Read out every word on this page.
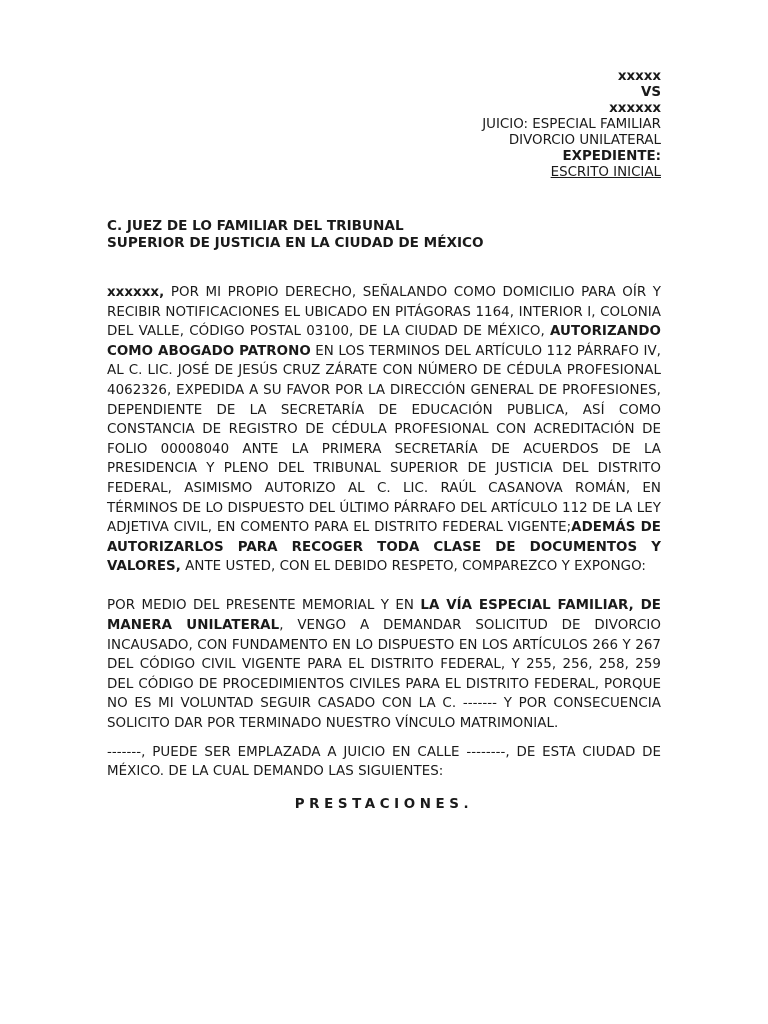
xxxxx
VS
xxxxxx
JUICIO: ESPECIAL FAMILIAR
DIVORCIO UNILATERAL
EXPEDIENTE:
ESCRITO INICIAL
C. JUEZ DE LO FAMILIAR DEL TRIBUNAL
SUPERIOR DE JUSTICIA EN LA CIUDAD DE MÉXICO

xxxxxx, POR MI PROPIO DERECHO, SEÑALANDO COMO DOMICILIO PARA OÍR Y RECIBIR NOTIFICACIONES EL UBICADO EN PITÁGORAS 1164, INTERIOR I, COLONIA DEL VALLE, CÓDIGO POSTAL 03100, DE LA CIUDAD DE MÉXICO, AUTORIZANDO COMO ABOGADO PATRONO EN LOS TERMINOS DEL ARTÍCULO 112 PÁRRAFO IV, AL C. LIC. JOSÉ DE JESÚS CRUZ ZÁRATE CON NÚMERO DE CÉDULA PROFESIONAL 4062326, EXPEDIDA A SU FAVOR POR LA DIRECCIÓN GENERAL DE PROFESIONES, DEPENDIENTE DE LA SECRETARÍA DE EDUCACIÓN PUBLICA, ASÍ COMO CONSTANCIA DE REGISTRO DE CÉDULA PROFESIONAL CON ACREDITACIÓN DE FOLIO 00008040 ANTE LA PRIMERA SECRETARÍA DE ACUERDOS DE LA PRESIDENCIA Y PLENO DEL TRIBUNAL SUPERIOR DE JUSTICIA DEL DISTRITO FEDERAL, ASIMISMO AUTORIZO AL C. LIC. RAÚL CASANOVA ROMÁN, EN TÉRMINOS DE LO DISPUESTO DEL ÚLTIMO PÁRRAFO DEL ARTÍCULO 112 DE LA LEY ADJETIVA CIVIL, EN COMENTO PARA EL DISTRITO FEDERAL VIGENTE;ADEMÁS DE AUTORIZARLOS PARA RECOGER TODA CLASE DE DOCUMENTOS Y VALORES, ANTE USTED, CON EL DEBIDO RESPETO, COMPAREZCO Y EXPONGO:

POR MEDIO DEL PRESENTE MEMORIAL Y EN LA VÍA ESPECIAL FAMILIAR, DE MANERA UNILATERAL, VENGO A DEMANDAR SOLICITUD DE DIVORCIO INCAUSADO, CON FUNDAMENTO EN LO DISPUESTO EN LOS ARTÍCULOS 266 Y 267 DEL CÓDIGO CIVIL VIGENTE PARA EL DISTRITO FEDERAL, Y 255, 256, 258, 259 DEL CÓDIGO DE PROCEDIMIENTOS CIVILES PARA EL DISTRITO FEDERAL, PORQUE NO ES MI VOLUNTAD SEGUIR CASADO CON LA C. ------- Y POR CONSECUENCIA SOLICITO DAR POR TERMINADO NUESTRO VÍNCULO MATRIMONIAL.

-------, PUEDE SER EMPLAZADA A JUICIO EN CALLE --------, DE ESTA CIUDAD DE MÉXICO. DE LA CUAL DEMANDO LAS SIGUIENTES:

PRESTACIONES.
